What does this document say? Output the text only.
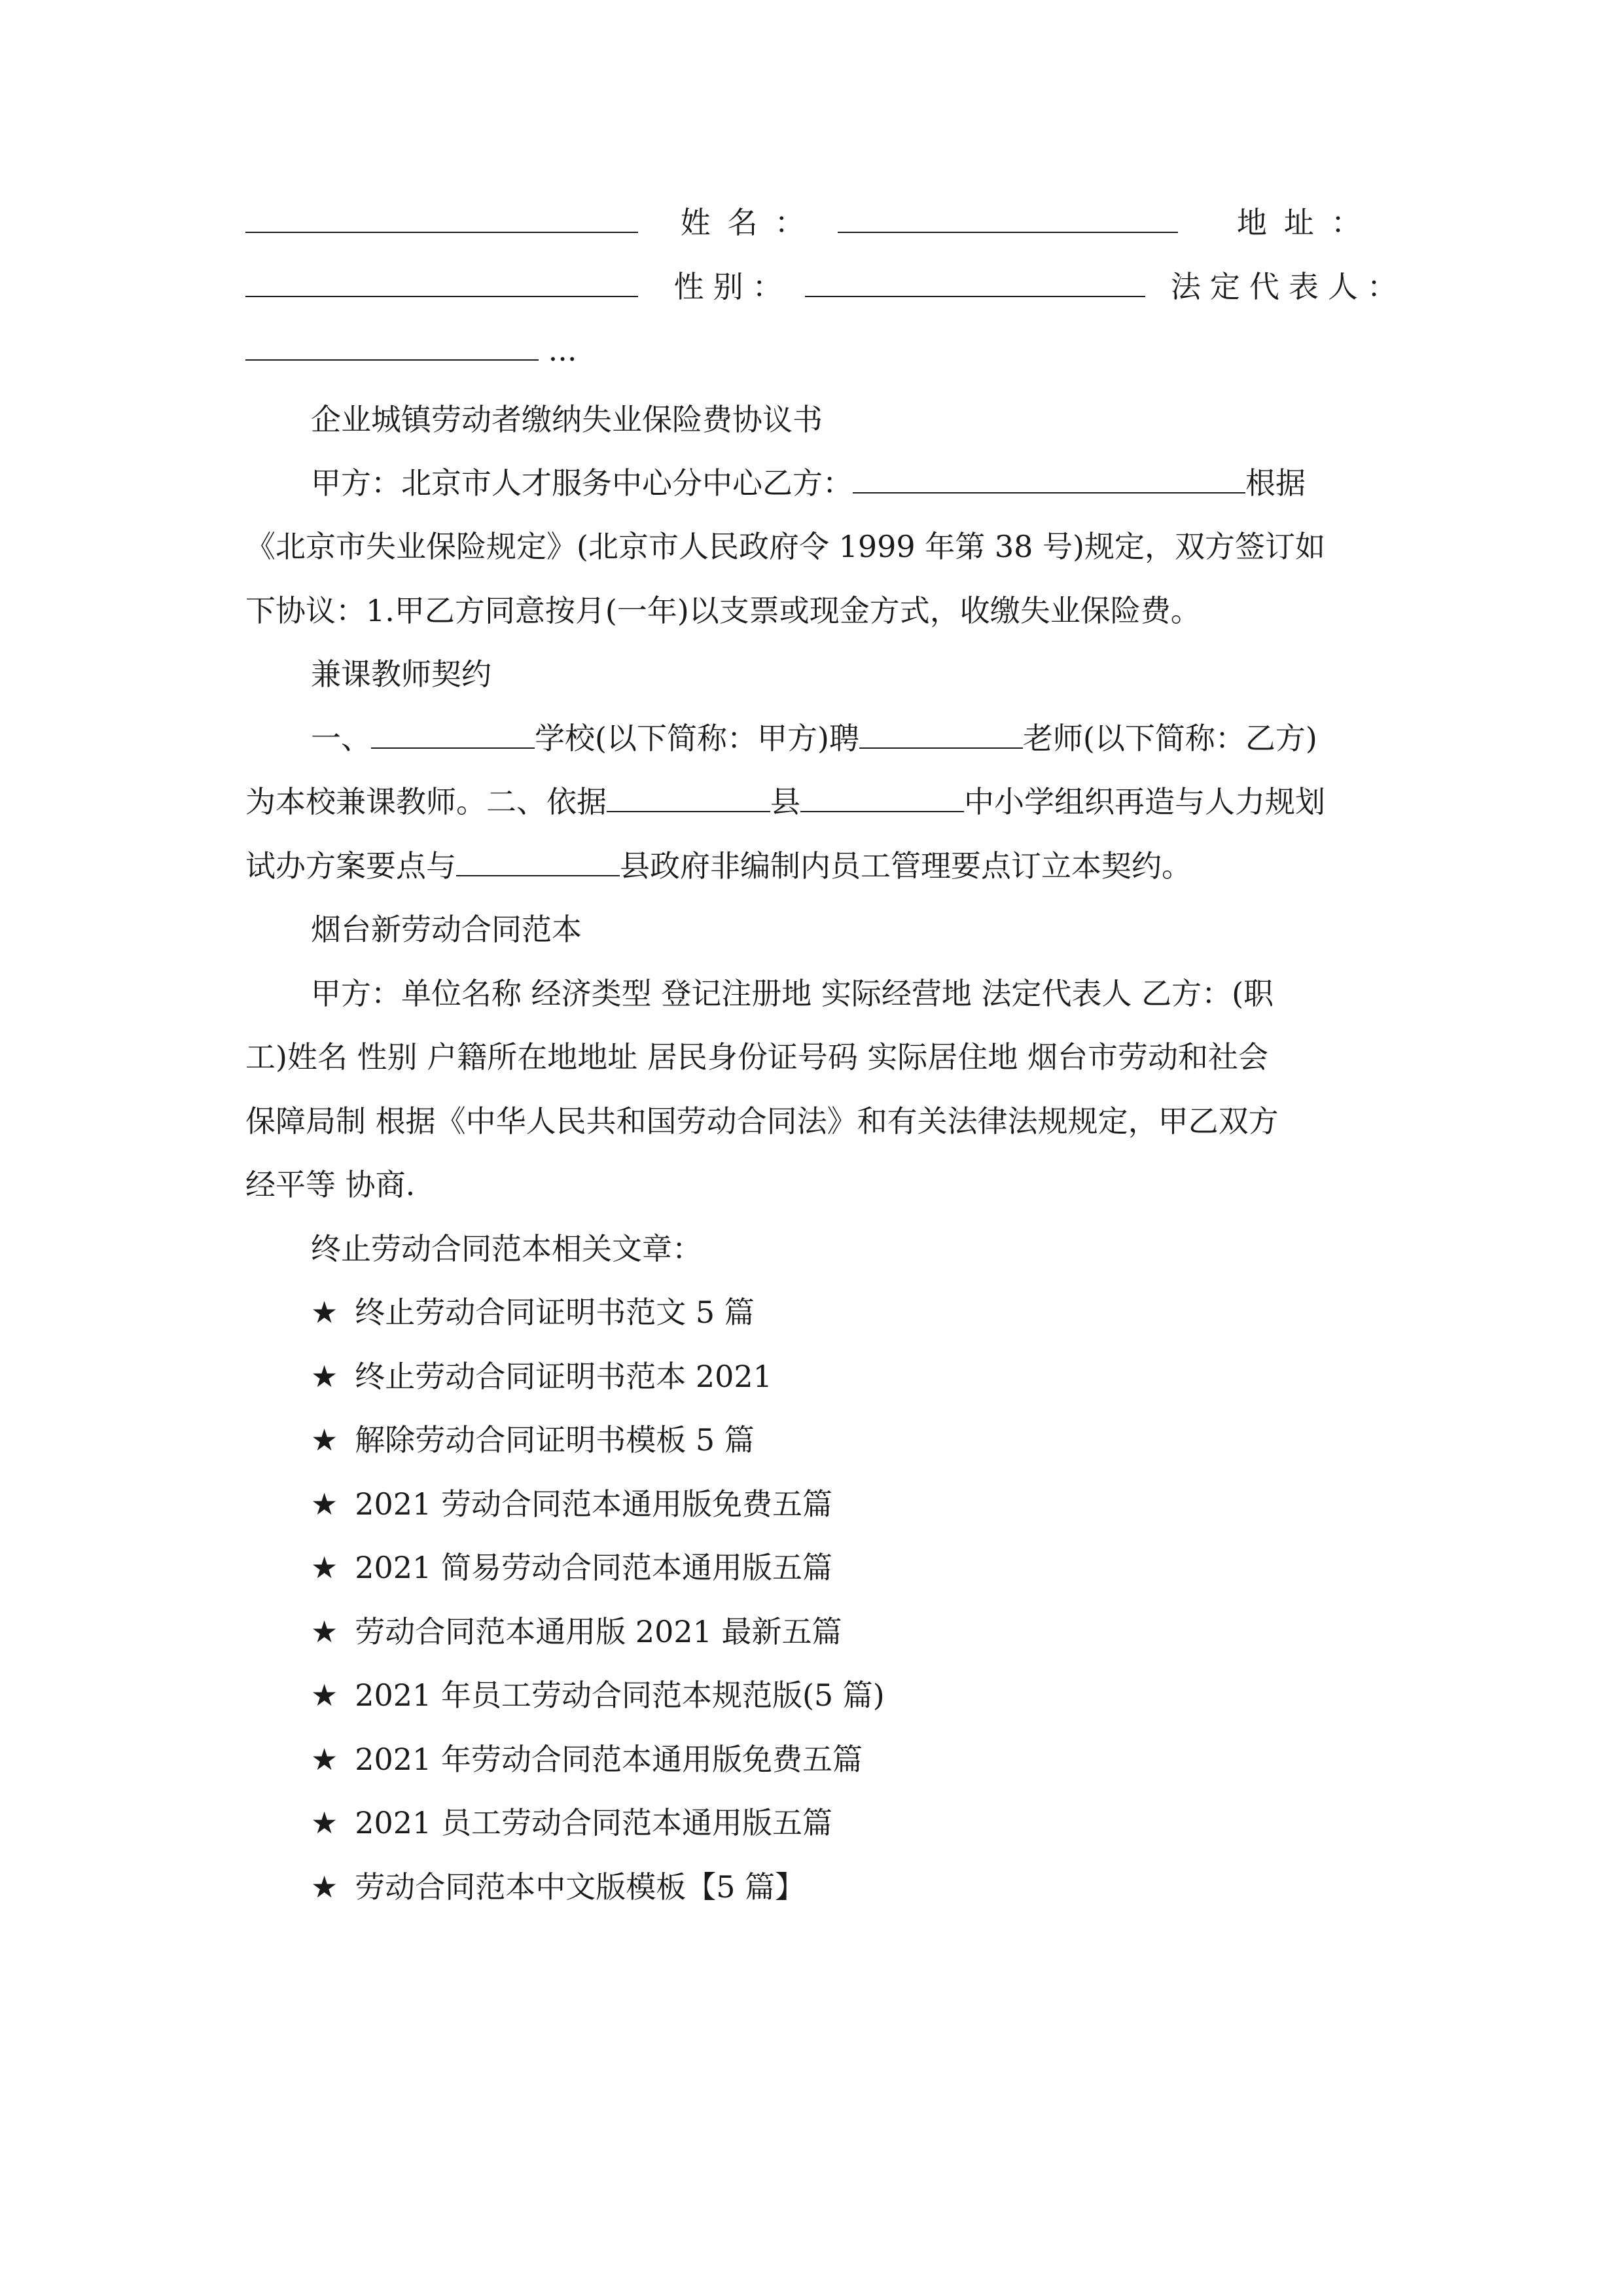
姓名：	地址：
性别：	法定代表人：
...
企业城镇劳动者缴纳失业保险费协议书
甲方：北京市人才服务中心分中心乙方：	根据
《北京市失业保险规定》(北京市人民政府令 1999 年第 38 号)规定，双方签订如
下协议：1.甲乙方同意按月(一年)以支票或现金方式，收缴失业保险费。
兼课教师契约
一、	学校(以下简称：甲方)聘	老师(以下简称：乙方)
为本校兼课教师。二、依据	县	中小学组织再造与人力规划
试办方案要点与	县政府非编制内员工管理要点订立本契约。
烟台新劳动合同范本
甲方：单位名称 经济类型 登记注册地 实际经营地 法定代表人 乙方：(职
工)姓名 性别 户籍所在地地址 居民身份证号码 实际居住地 烟台市劳动和社会
保障局制 根据《中华人民共和国劳动合同法》和有关法律法规规定，甲乙双方
经平等 协商.
终止劳动合同范本相关文章：
★ 终止劳动合同证明书范文 5 篇
★ 终止劳动合同证明书范本 2021
★ 解除劳动合同证明书模板 5 篇
★ 2021 劳动合同范本通用版免费五篇
★ 2021 简易劳动合同范本通用版五篇
★ 劳动合同范本通用版 2021 最新五篇
★ 2021 年员工劳动合同范本规范版(5 篇)
★ 2021 年劳动合同范本通用版免费五篇
★ 2021 员工劳动合同范本通用版五篇
★ 劳动合同范本中文版模板【5 篇】
